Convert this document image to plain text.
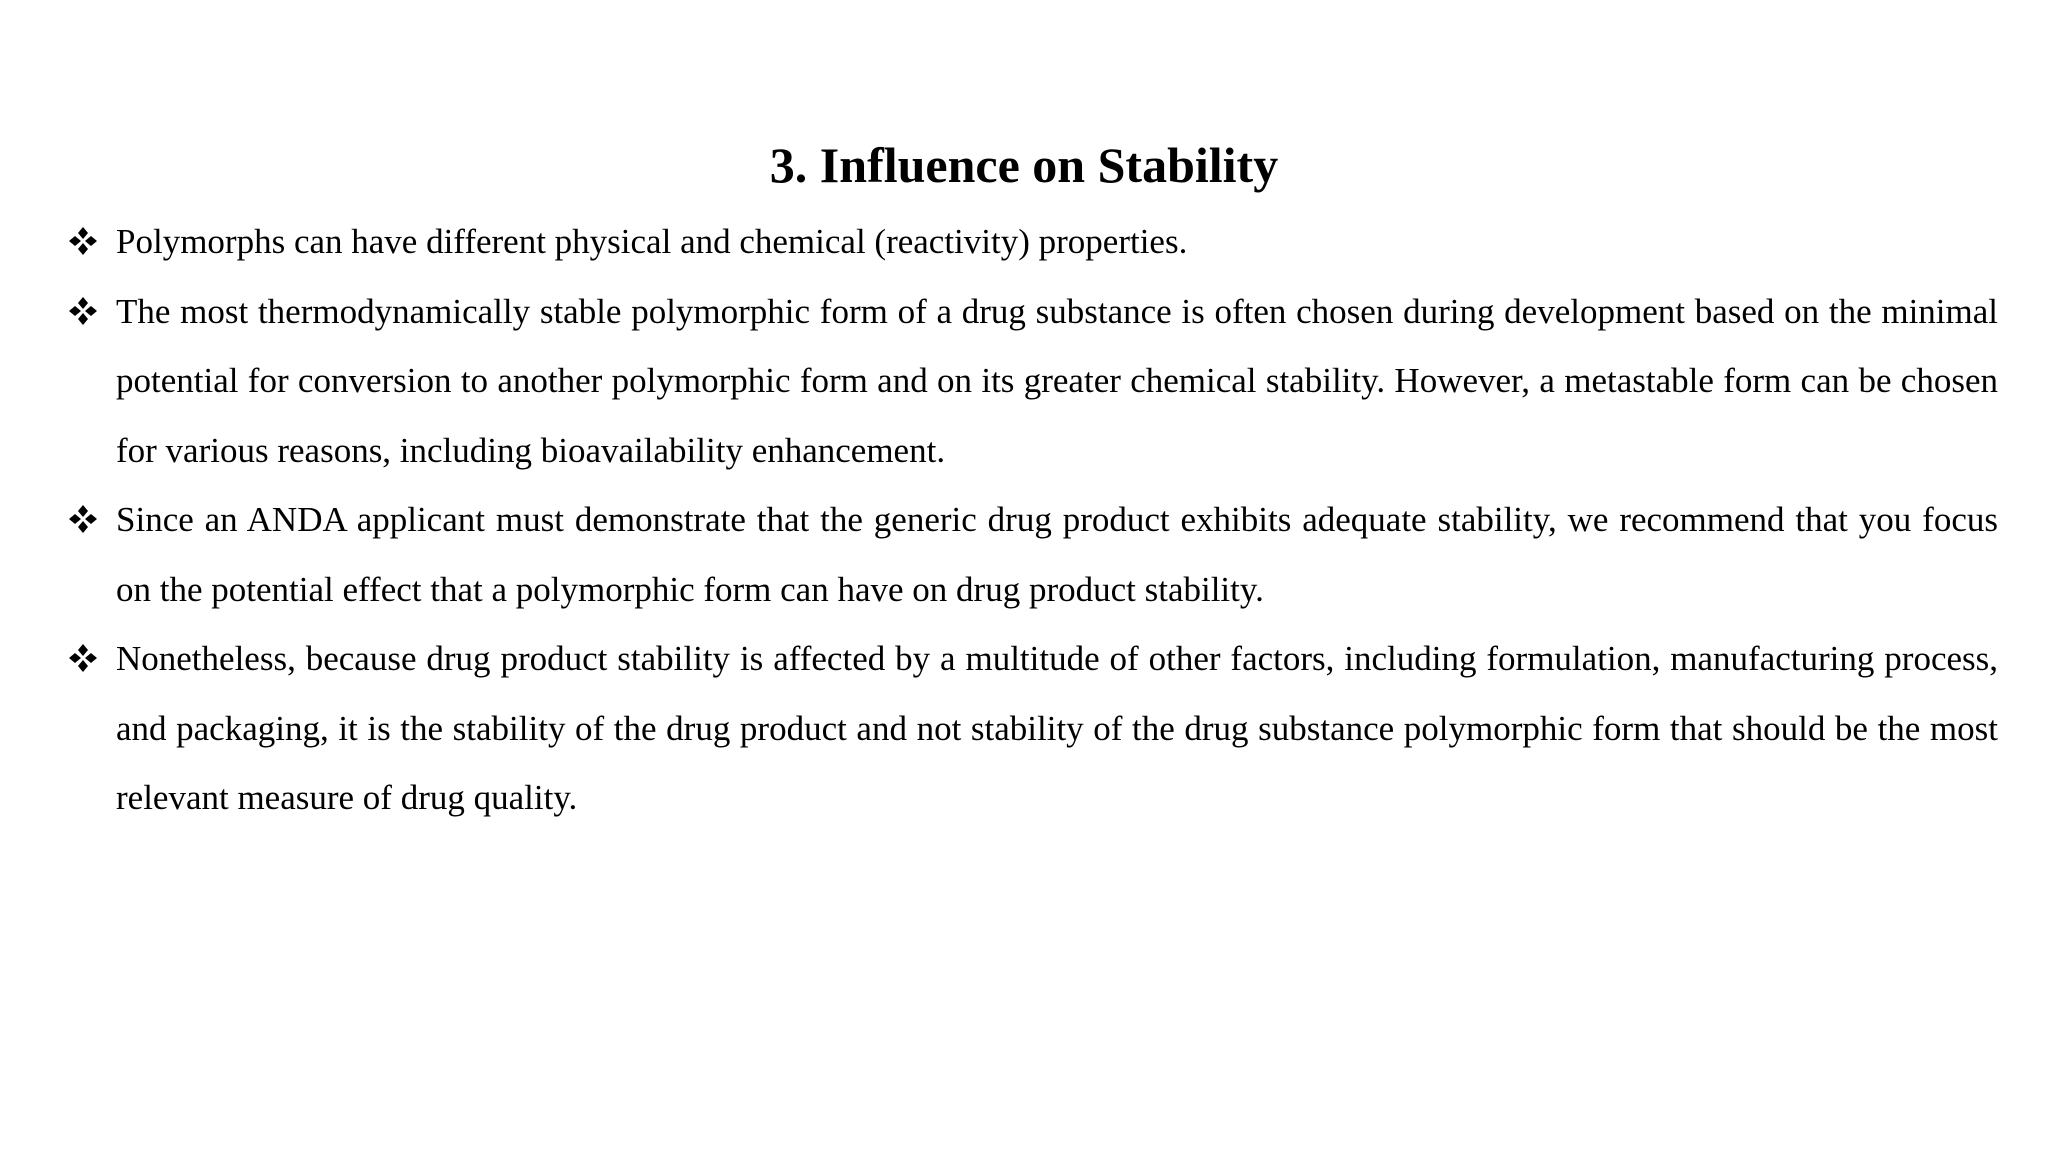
3. Influence on Stability
Polymorphs can have different physical and chemical (reactivity) properties.
The most thermodynamically stable polymorphic form of a drug substance is often chosen during development based on the minimal potential for conversion to another polymorphic form and on its greater chemical stability. However, a metastable form can be chosen for various reasons, including bioavailability enhancement.
Since an ANDA applicant must demonstrate that the generic drug product exhibits adequate stability, we recommend that you focus on the potential effect that a polymorphic form can have on drug product stability.
Nonetheless, because drug product stability is affected by a multitude of other factors, including formulation, manufacturing process, and packaging, it is the stability of the drug product and not stability of the drug substance polymorphic form that should be the most relevant measure of drug quality.
